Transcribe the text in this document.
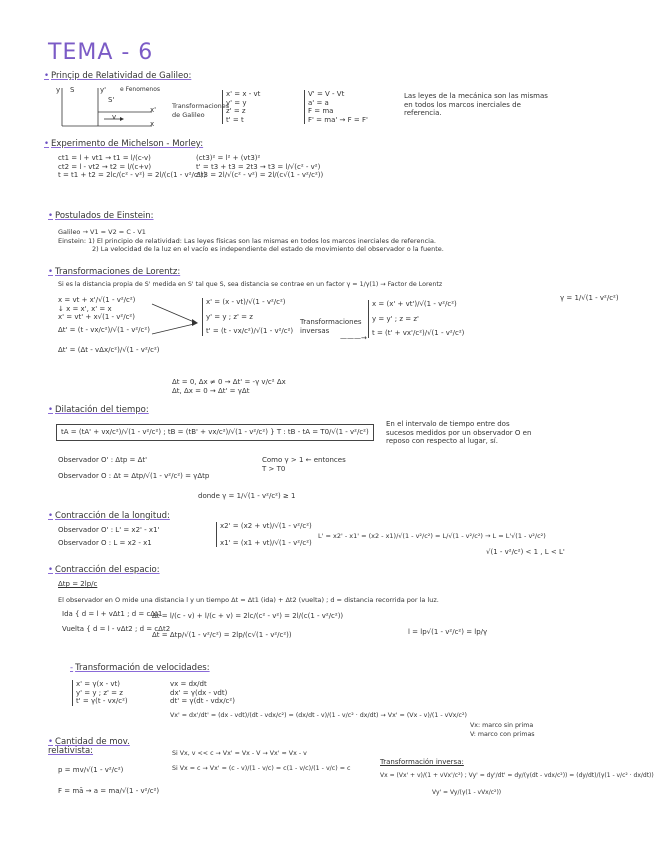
TEMA - 6
• Prinçip de Relatividad de Galileo:
y S	y'
S'
x
x'
v
e Fenomenos
Transformaciones de Galileo
x' = x - vt
y' = y
z' = z
t' = t
V' = V - Vt
a' = a
F = ma
F' = ma' → F = F'
Las leyes de la mecánica son las mismas en todos los marcos inerciales de referencia.
• Experimento de Michelson - Morley:
ct1 = l + vt1 → t1 = l/(c-v)
ct2 = l - vt2 → t2 = l/(c+v)
t = t1 + t2 = 2lc/(c² - v²) = 2l/(c(1 - v²/c²))
(ct3)² = l² + (vt3)²
t' = t3 + t3 = 2t3 → t3 = l/√(c² - v²)
Δt3 = 2l/√(c² - v²) = 2l/(c√(1 - v²/c²))
• Postulados de Einstein:
Galileo → V1 = V2 = C - V1
Einstein: 1) El principio de relatividad: Las leyes físicas son las mismas en todos los marcos inerciales de referencia.
2) La velocidad de la luz en el vacío es independiente del estado de movimiento del observador o la fuente.
• Transformaciones de Lorentz:
Si es la distancia propia de S' medida en S' tal que S, sea distancia se contrae en un factor γ = 1/γ(1) → Factor de Lorentz
γ = 1/√(1 - v²/c²)
x = vt + x'/√(1 - v²/c²)
↓ x = x', x' = x
x' = vt' + x√(1 - v²/c²)
Δt' = (t - vx/c²)/√(1 - v²/c²)
Δt' = (Δt - vΔx/c²)/√(1 - v²/c²)
x' = (x - vt)/√(1 - v²/c²)
y' = y ; z' = z
t' = (t - vx/c²)/√(1 - v²/c²)
Transformaciones inversas
———→
x = (x' + vt')/√(1 - v²/c²)
y = y' ; z = z'
t = (t' + vx'/c²)/√(1 - v²/c²)
Δt = 0, Δx ≠ 0 → Δt' = -γ v/c² Δx
Δt, Δx = 0 → Δt' = γΔt
• Dilatación del tiempo:
tA = (tA' + vx/c²)/√(1 - v²/c²) ; tB = (tB' + vx/c²)/√(1 - v²/c²) } T : tB - tA = T0/√(1 - v²/c²)
En el intervalo de tiempo entre dos sucesos medidos por un observador O en reposo con respecto al lugar, sí.
Observador O' : Δtp = Δt'
Observador O : Δt = Δtp/√(1 - v²/c²) = γΔtp
Como γ > 1 ← entonces T > T0
donde γ = 1/√(1 - v²/c²) ≥ 1
• Contracción de la longitud:
Observador O' : L' = x2' - x1'
Observador O : L = x2 - x1
x2' = (x2 + vt)/√(1 - v²/c²)
x1' = (x1 + vt)/√(1 - v²/c²)
L' = x2' - x1' = (x2 - x1)/√(1 - v²/c²) = L/√(1 - v²/c²) → L = L'√(1 - v²/c²)
√(1 - v²/c²) < 1 , L < L'
• Contracción del espacio:
Δtp = 2lp/c
El observador en O mide una distancia l y un tiempo Δt = Δt1 (ida) + Δt2 (vuelta) ; d = distancia recorrida por la luz.
Ida { d = l + vΔt1 ; d = cΔt1
Vuelta { d = l - vΔt2 ; d = cΔt2
Δt = l/(c - v) + l/(c + v) = 2lc/(c² - v²) = 2l/(c(1 - v²/c²))
Δt = Δtp/√(1 - v²/c²) = 2lp/(c√(1 - v²/c²))	l = lp√(1 - v²/c²) = lp/γ
- Transformación de velocidades:
x' = γ(x - vt)
y' = y ; z' = z
t' = γ(t - vx/c²)
vx = dx/dt
dx' = γ(dx - vdt)
dt' = γ(dt - vdx/c²)
Vx' = dx'/dt' = (dx - vdt)/(dt - vdx/c²) = (dx/dt - v)/(1 - v/c² · dx/dt) → Vx' = (Vx - v)/(1 - vVx/c²)
Vx: marco sin prima
V: marco con primas
• Cantidad de mov. relativista:
p = mv/√(1 - v²/c²)
F = mā → a = ma/√(1 - v²/c²)
Si Vx, v << c → Vx' = Vx - V → Vx' ≈ Vx - v
Si Vx = c → Vx' = (c - v)/(1 - v/c) = c(1 - v/c)/(1 - v/c) = c
Transformación inversa:
Vx = (Vx' + v)/(1 + vVx'/c²) ; Vy' = dy'/dt' = dy/(γ(dt - vdx/c²)) = (dy/dt)/(γ(1 - v/c² · dx/dt))
Vy' = Vy/(γ(1 - vVx/c²))
